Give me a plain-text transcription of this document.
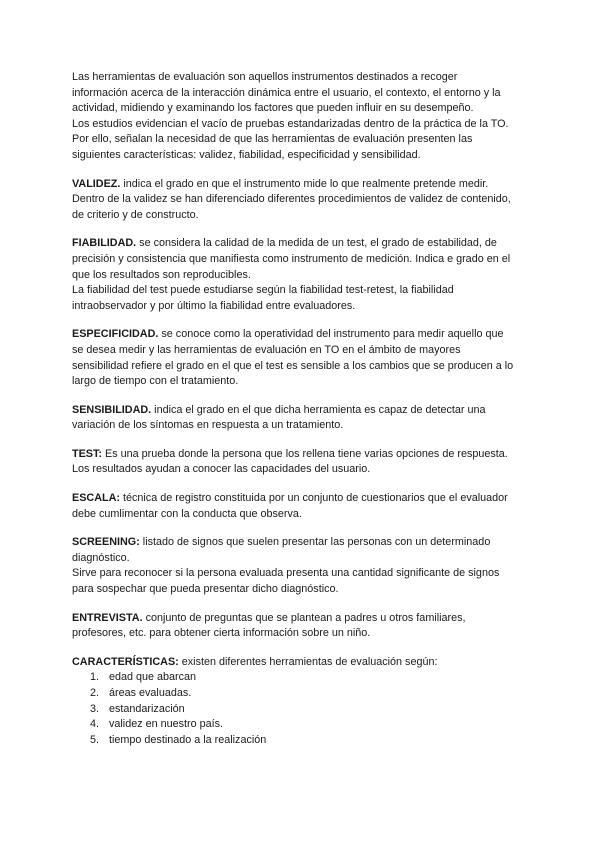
Las herramientas de evaluación son aquellos instrumentos destinados a recoger
información acerca de la interacción dinámica entre el usuario, el contexto, el entorno y la
actividad, midiendo y examinando los factores que pueden influir en su desempeño.
Los estudios evidencian el vacío de pruebas estandarizadas dentro de la práctica de la TO.
Por ello, señalan la necesidad de que las herramientas de evaluación presenten las
siguientes características: validez, fiabilidad, especificidad y sensibilidad.

VALIDEZ. indica el grado en que el instrumento mide lo que realmente pretende medir.
Dentro de la validez se han diferenciado diferentes procedimientos de validez de contenido,
de criterio y de constructo.

FIABILIDAD. se considera la calidad de la medida de un test, el grado de estabilidad, de
precisión y consistencia que manifiesta como instrumento de medición. Indica e grado en el
que los resultados son reproducibles.
La fiabilidad del test puede estudiarse según la fiabilidad test-retest, la fiabilidad
intraobservador y por último la fiabilidad entre evaluadores.

ESPECIFICIDAD. se conoce como la operatividad del instrumento para medir aquello que
se desea medir y las herramientas de evaluación en TO en el ámbito de mayores
sensibilidad refiere el grado en el que el test es sensible a los cambios que se producen a lo
largo de tiempo con el tratamiento.

SENSIBILIDAD. indica el grado en el que dicha herramienta es capaz de detectar una
variación de los síntomas en respuesta a un tratamiento.

TEST: Es una prueba donde la persona que los rellena tiene varias opciones de respuesta.
Los resultados ayudan a conocer las capacidades del usuario.

ESCALA: técnica de registro constituida por un conjunto de cuestionarios que el evaluador
debe cumlimentar con la conducta que observa.

SCREENING: listado de signos que suelen presentar las personas con un determinado
diagnóstico.
Sirve para reconocer si la persona evaluada presenta una cantidad significante de signos
para sospechar que pueda presentar dicho diagnóstico.

ENTREVISTA. conjunto de preguntas que se plantean a padres u otros familiares,
profesores, etc. para obtener cierta información sobre un niño.

CARACTERÍSTICAS: existen diferentes herramientas de evaluación según:
1. edad que abarcan
2. áreas evaluadas.
3. estandarización
4. validez en nuestro país.
5. tiempo destinado a la realización
